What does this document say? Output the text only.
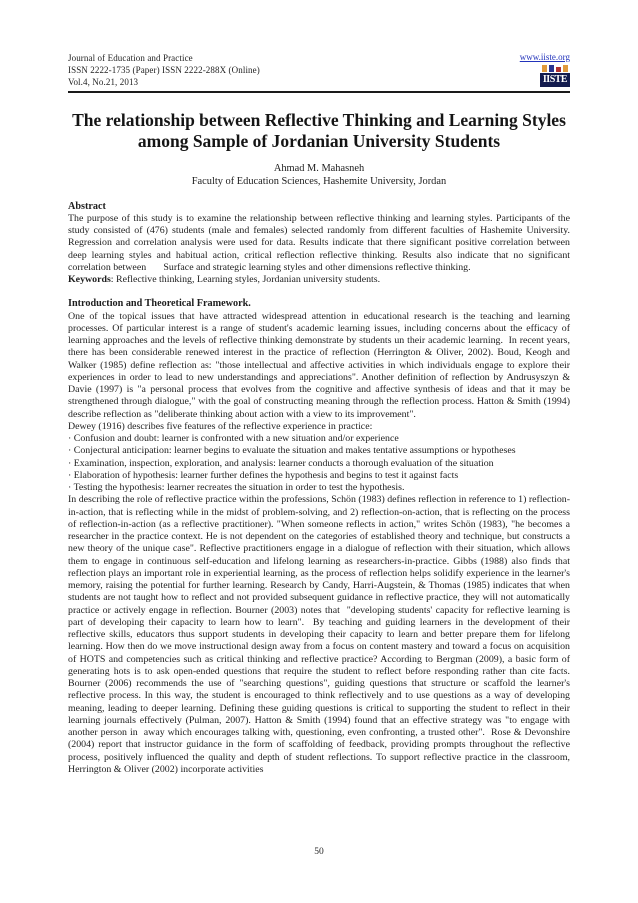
Journal of Education and Practice
ISSN 2222-1735 (Paper) ISSN 2222-288X (Online)
Vol.4, No.21, 2013
www.iiste.org
IISTE
The relationship between Reflective Thinking and Learning Styles among Sample of Jordanian University Students
Ahmad M. Mahasneh
Faculty of Education Sciences, Hashemite University, Jordan
Abstract
The purpose of this study is to examine the relationship between reflective thinking and learning styles. Participants of the study consisted of (476) students (male and females) selected randomly from different faculties of Hashemite University. Regression and correlation analysis were used for data. Results indicate that there significant positive correlation between deep learning styles and habitual action, critical reflection reflective thinking. Results also indicate that no significant correlation between       Surface and strategic learning styles and other dimensions reflective thinking.
Keywords: Reflective thinking, Learning styles, Jordanian university students.
Introduction and Theoretical Framework.
One of the topical issues that have attracted widespread attention in educational research is the teaching and learning processes. Of particular interest is a range of student's academic learning issues, including concerns about the efficacy of learning approaches and the levels of reflective thinking demonstrate by students un their academic learning.  In recent years, there has been considerable renewed interest in the practice of reflection (Herrington & Oliver, 2002). Boud, Keogh and Walker (1985) define reflection as: "those intellectual and affective activities in which individuals engage to explore their experiences in order to lead to new understandings and appreciations". Another definition of reflection by Andrusyszyn & Davie (1997) is "a personal process that evolves from the cognitive and affective synthesis of ideas and that it may be strengthened through dialogue," with the goal of constructing meaning through the reflection process. Hatton & Smith (1994) describe reflection as "deliberate thinking about action with a view to its improvement".
Dewey (1916) describes five features of the reflective experience in practice:
· Confusion and doubt: learner is confronted with a new situation and/or experience
· Conjectural anticipation: learner begins to evaluate the situation and makes tentative assumptions or hypotheses
· Examination, inspection, exploration, and analysis: learner conducts a thorough evaluation of the situation
· Elaboration of hypothesis: learner further defines the hypothesis and begins to test it against facts
· Testing the hypothesis: learner recreates the situation in order to test the hypothesis.
In describing the role of reflective practice within the professions, Schön (1983) defines reflection in reference to 1) reflection-in-action, that is reflecting while in the midst of problem-solving, and 2) reflection-on-action, that is reflecting on the process of reflection-in-action (as a reflective practitioner). "When someone reflects in action," writes Schön (1983), "he becomes a researcher in the practice context. He is not dependent on the categories of established theory and technique, but constructs a new theory of the unique case". Reflective practitioners engage in a dialogue of reflection with their situation, which allows them to engage in continuous self-education and lifelong learning as researchers-in-practice. Gibbs (1988) also finds that reflection plays an important role in experiential learning, as the process of reflection helps solidify experience in the learner's memory, raising the potential for further learning. Research by Candy, Harri-Augstein, & Thomas (1985) indicates that when students are not taught how to reflect and not provided subsequent guidance in reflective practice, they will not automatically practice or actively engage in reflection. Bourner (2003) notes that  "developing students' capacity for reflective learning is part of developing their capacity to learn how to learn".  By teaching and guiding learners in the development of their reflective skills, educators thus support students in developing their capacity to learn and better prepare them for lifelong learning. How then do we move instructional design away from a focus on content mastery and toward a focus on acquisition of HOTS and competencies such as critical thinking and reflective practice? According to Bergman (2009), a basic form of generating hots is to ask open-ended questions that require the student to reflect before responding rather than cite facts. Bourner (2006) recommends the use of "searching questions", guiding questions that structure or scaffold the learner's reflective process. In this way, the student is encouraged to think reflectively and to use questions as a way of developing meaning, leading to deeper learning. Defining these guiding questions is critical to supporting the student to reflect in their learning journals effectively (Pulman, 2007). Hatton & Smith (1994) found that an effective strategy was "to engage with another person in  away which encourages talking with, questioning, even confronting, a trusted other".  Rose & Devonshire (2004) report that instructor guidance in the form of scaffolding of feedback, providing prompts throughout the reflective process, positively influenced the quality and depth of student reflections. To support reflective practice in the classroom, Herrington & Oliver (2002) incorporate activities
50
